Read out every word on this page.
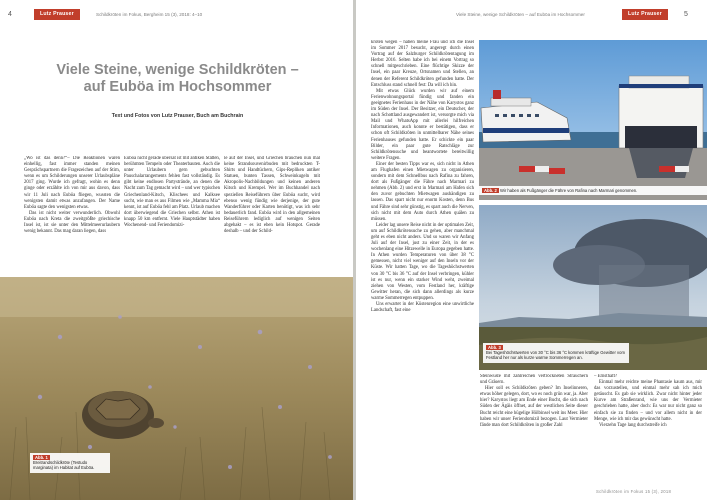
4	Lutz Prauser	Schildkröten im Fokus, Bergheim 15 (3), 2018: 4–10
Viele Steine, wenige Schildkröten –
auf Euböa im Hochsommer
Text und Fotos von Lutz Prauser, Buch am Buchrain

„Wo ist das denn?“– Die Reaktionen waren einhellig, fast immer standen meinen Gesprächspartnern die Fragezeichen auf der Stirn, wenn es um Schilderungen unserer Urlaubspläne 2017 ging. Wurde ich gefragt, wohin es denn ginge oder erzählte ich von mir aus davon, dass wir 11 Juli nach Euböa fliegen, wussten die wenigsten damit etwas anzufangen. Der Name Euböa sagte den wenigsten etwas.

Das ist nicht weiter verwunderlich. Obwohl Euböa nach Kreta die zweitgrößte griechische Insel ist, ist sie unter den Mittelmeerurlaubern wenig bekannt. Das mag daran liegen, dass

Euböa nicht gerade übersät ist mit antiken Stätten, berühmten Tempeln oder Theaterbauten. Auch die unter Urlaubern gern gebuchten Pauschalarrangements fehlen fast vollständig. Es gibt keine endlosen Partystrände, an denen die Nacht zum Tag gemacht wird – und wer typischen Griechenland-Kitsch, Klischees und Kalksee sucht, wie man es aus Filmen wie „Mamma Mia“ kennt, ist auf Euböa fehl am Platz. Urlaub machen dort überwiegend die Griechen selbst. Athen ist knapp 50 km entfernt. Viele Hauptstädter haben Wochenend- und Feriendomizi-

le auf der Insel, und Griechen brauchen nun mal keine Strandsouvenirbuden mit bedruckten T-Shirts und Handtüchern, Gips-Repliken antiker Statuen, bunten Tassen, Schweinkugeln mit Akropolis-Nachbildungen und keinen anderen Kitsch und Krempel. Wer im Buchhandel nach speziellen Reiseführern über Euböa sucht, wird ebenso wenig fündig wie derjenige, der gute Wanderführer oder Karten benötigt, was ich sehr bedauerlich fand. Euböa wird in den allgemeinen Reiseführern lediglich auf wenigen Seiten abgehakt – es ist eben kein Hotspot. Gerade deshalb – und der Schild-

Abb. 1
Breitrandschildkröte (Testudo marginata) im Habitat auf Euböa.
Viele Steine, wenige Schildkröten – auf Euböa im Hochsommer	Lutz Prauser	5

kröten wegen – haben meine Frau und ich die Insel im Sommer 2017 besucht, angeregt durch einen Vortrag auf der Salzburger Schildkrötentagung im Herbst 2016. Selten habe ich bei einem Vortrag so schnell mitgeschrieben. Eine flüchtige Skizze der Insel, ein paar Kreuze, Ortsnamen und Stellen, an denen der Referent Schildkröten gefunden hatte. Der Entschluss stand schnell fest: Da will ich hin.

Mit etwas Glück wurden wir auf einem Ferienwohnungsportal fündig und fanden ein geeignetes Ferienhaus in der Nähe von Karystos ganz im Süden der Insel. Der Besitzer, ein Deutscher, der nach Schottland ausgewandert ist, versorgte mich via Mail und WhatsApp mit allerlei hilfreichen Informationen, auch konnte er bestätigen, dass er schon oft Schildkröten in unmittelbarer Nähe seines Ferienhauses gefunden hatte. Er schickte ein paar Bilder, ein paar gute Ratschläge zur Schildkrötensuche und beantwortete bereitwillig weitere Fragen.

Einer der besten Tipps war es, sich nicht in Athen am Flughafen einen Mietwagen zu organisieren, sondern mit dem Schnellbus nach Rafina zu fahren, dort als Fußgänger die Fähre nach Marmari zu nehmen (Abb. 2) und erst in Marmari am Hafen sich den zuvor gebuchten Mietwagen aushändigen zu lassen. Das spart nicht nur enorm Kosten, denn Bus und Fähre sind sehr günstig, es spart auch die Nerven, sich nicht mit dem Auto durch Athen quälen zu müssen.

Leider lag unsere Reise nicht in der optimalen Zeit, um auf Schildkrötensuche zu gehen, aber manchmal geht es eben nicht anders. Und so waren wir Anfang Juli auf der Insel, just zu einer Zeit, in der es wochenlang eine Hitzewelle in Europa gegeben hatte. In Athen wurden Temperaturen von über 38 °C gemessen, nicht viel weniger auf den Inseln vor der Küste. Wir hatten Tage, wo die Tageshöchstwerten von 30 °C bis 36 °C auf der Insel verbringen, kühler ist es nur, wenn ein starker Wind weht, zweimal ziehen von Westen, vom Festland her, kräftige Gewitter heran, die sich dann allerdings als kurze warme Sommerregen entpuppen.

Uns erwartet in der Küstenregion eine unwirtliche Landschaft, fast eine

Abb. 2 Wir haben als Fußgänger die Fähre von Rafina nach Marmari genommen.
Abb. 3
Bei Tageshöchstwerten von 30 °C bis 36 °C kommen kräftige Gewitter vom Festland her nur als kurze warme Sommerregen an.

Steinwüste mit zahlreichen vertrockneten Sträuchern und Gräsern.

Hier soll es Schildkröten geben? Im Inselinneren, etwas höher gelegen, dort, wo es noch grün war, ja. Aber hier? Karystos liegt am Ende einer Bucht, die sich nach Süden der Ägäis öffnet, auf der westlichen Seite dieser Bucht reicht eine hügelige Hölbinsel weit ins Meer. Hier haben wir unser Feriendomizil bezogen. Laut Vermieter fände man dort Schildkröten in großer Zahl

– Ernsthaft?

Einmal mehr reichte meine Phantasie kaum aus, mir das vorzustellen, und einmal mehr sah ich mich getäuscht. Es gab sie wirklich. Zwar nicht hinter jeder Kurve am Straßenrand, wie uns der Vermieter geschrieben hatte, aber doch: Es war nur nicht ganz so einfach sie zu finden – und vor allem nicht in der Menge, wie ich mir das gewünscht hatte.

Vierzehn Tage lang durchstreife ich

Schildkröten im Fokus 15 (3), 2018
